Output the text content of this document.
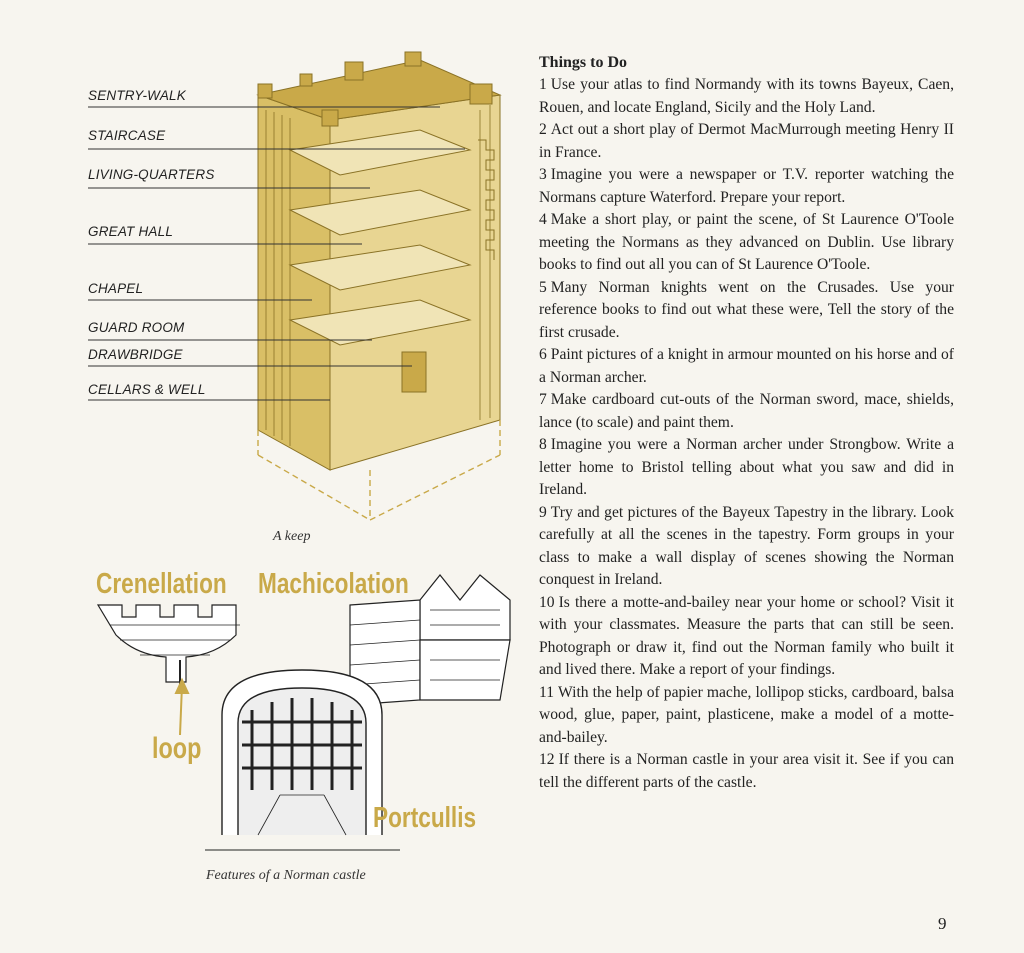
SENTRY-WALK
STAIRCASE
LIVING-QUARTERS
GREAT HALL
CHAPEL
GUARD ROOM
DRAWBRIDGE
CELLARS & WELL
A keep
Crenellation Machicolation
loop
Portcullis
Features of a Norman castle
Things to Do

1 Use your atlas to find Normandy with its towns Bayeux, Caen, Rouen, and locate England, Sicily and the Holy Land.

2 Act out a short play of Dermot MacMurrough meeting Henry II in France.

3 Imagine you were a newspaper or T.V. reporter watching the Normans capture Waterford. Prepare your report.

4 Make a short play, or paint the scene, of St Laurence O'Toole meeting the Normans as they advanced on Dublin. Use library books to find out all you can of St Laurence O'Toole.

5 Many Norman knights went on the Crusades. Use your reference books to find out what these were, Tell the story of the first crusade.

6 Paint pictures of a knight in armour mounted on his horse and of a Norman archer.

7 Make cardboard cut-outs of the Norman sword, mace, shields, lance (to scale) and paint them.

8 Imagine you were a Norman archer under Strongbow. Write a letter home to Bristol telling about what you saw and did in Ireland.

9 Try and get pictures of the Bayeux Tapestry in the library. Look carefully at all the scenes in the tapestry. Form groups in your class to make a wall display of scenes showing the Norman conquest in Ireland.

10 Is there a motte-and-bailey near your home or school? Visit it with your classmates. Measure the parts that can still be seen. Photograph or draw it, find out the Norman family who built it and lived there. Make a report of your findings.

11 With the help of papier mache, lollipop sticks, cardboard, balsa wood, glue, paper, paint, plasticene, make a model of a motte-and-bailey.

12 If there is a Norman castle in your area visit it. See if you can tell the different parts of the castle.

9
